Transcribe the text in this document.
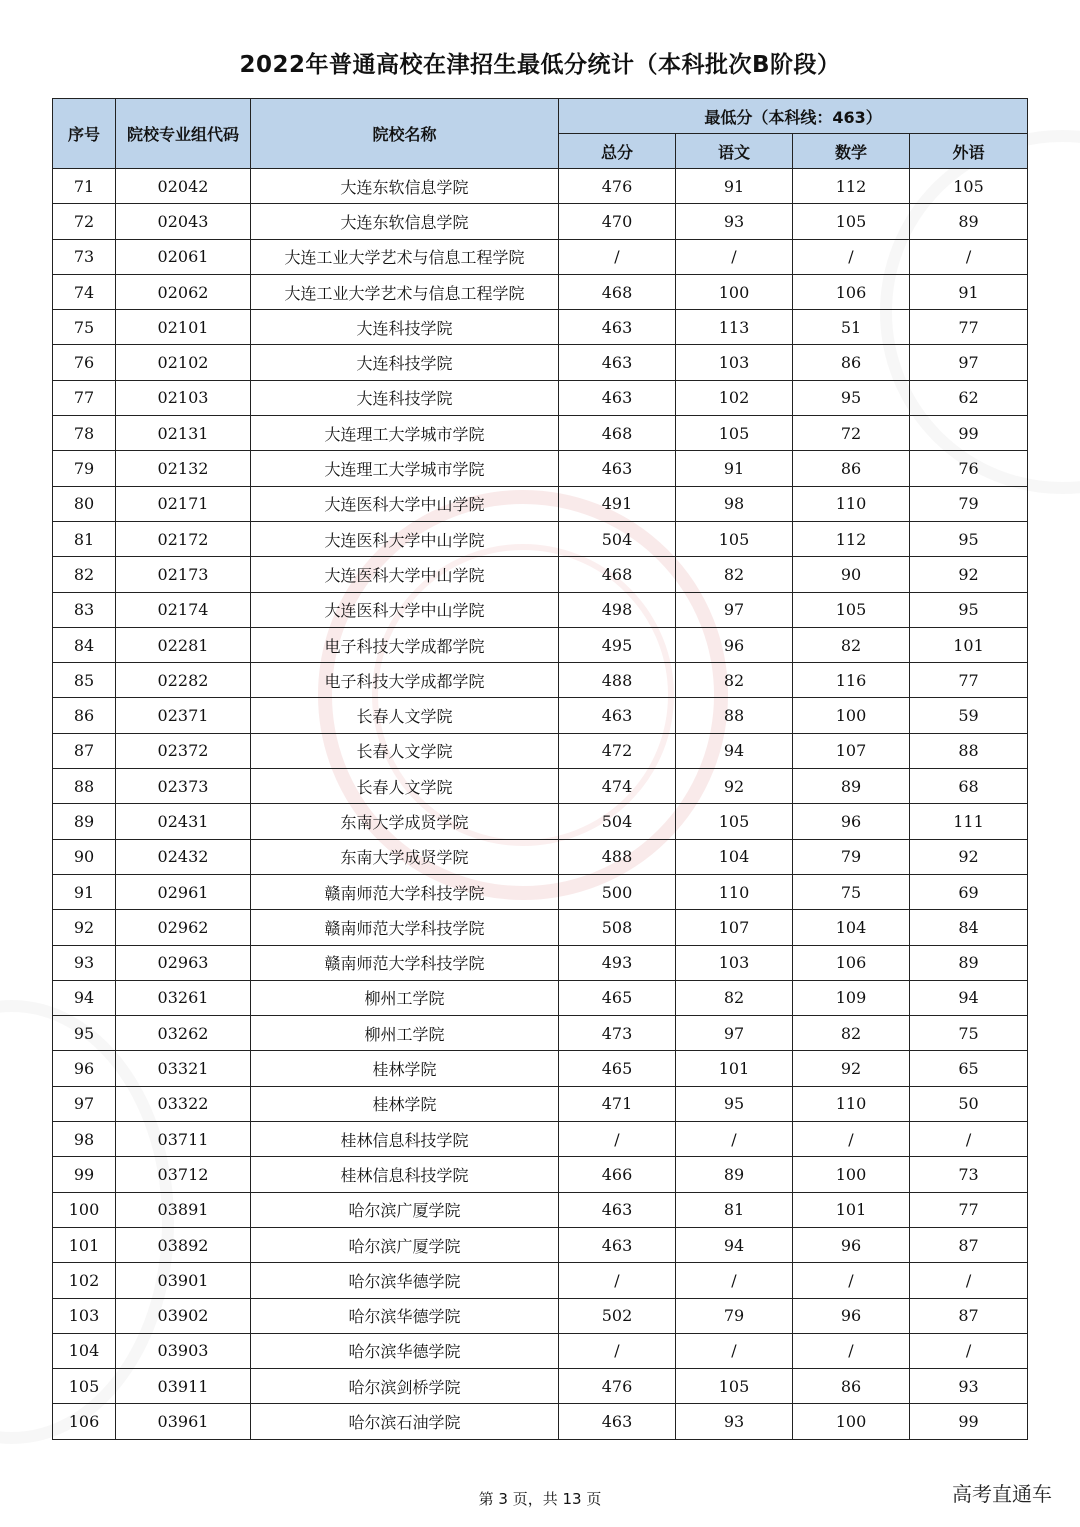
2022年普通高校在津招生最低分统计（本科批次B阶段）
序号	院校专业组代码	院校名称	最低分（本科线：463）			
			总分	语文	数学	外语
71	02042	大连东软信息学院	476	91	112	105
72	02043	大连东软信息学院	470	93	105	89
73	02061	大连工业大学艺术与信息工程学院	/	/	/	/
74	02062	大连工业大学艺术与信息工程学院	468	100	106	91
75	02101	大连科技学院	463	113	51	77
76	02102	大连科技学院	463	103	86	97
77	02103	大连科技学院	463	102	95	62
78	02131	大连理工大学城市学院	468	105	72	99
79	02132	大连理工大学城市学院	463	91	86	76
80	02171	大连医科大学中山学院	491	98	110	79
81	02172	大连医科大学中山学院	504	105	112	95
82	02173	大连医科大学中山学院	468	82	90	92
83	02174	大连医科大学中山学院	498	97	105	95
84	02281	电子科技大学成都学院	495	96	82	101
85	02282	电子科技大学成都学院	488	82	116	77
86	02371	长春人文学院	463	88	100	59
87	02372	长春人文学院	472	94	107	88
88	02373	长春人文学院	474	92	89	68
89	02431	东南大学成贤学院	504	105	96	111
90	02432	东南大学成贤学院	488	104	79	92
91	02961	赣南师范大学科技学院	500	110	75	69
92	02962	赣南师范大学科技学院	508	107	104	84
93	02963	赣南师范大学科技学院	493	103	106	89
94	03261	柳州工学院	465	82	109	94
95	03262	柳州工学院	473	97	82	75
96	03321	桂林学院	465	101	92	65
97	03322	桂林学院	471	95	110	50
98	03711	桂林信息科技学院	/	/	/	/
99	03712	桂林信息科技学院	466	89	100	73
100	03891	哈尔滨广厦学院	463	81	101	77
101	03892	哈尔滨广厦学院	463	94	96	87
102	03901	哈尔滨华德学院	/	/	/	/
103	03902	哈尔滨华德学院	502	79	96	87
104	03903	哈尔滨华德学院	/	/	/	/
105	03911	哈尔滨剑桥学院	476	105	86	93
106	03961	哈尔滨石油学院	463	93	100	99
第 3 页，共 13 页	高考直通车
